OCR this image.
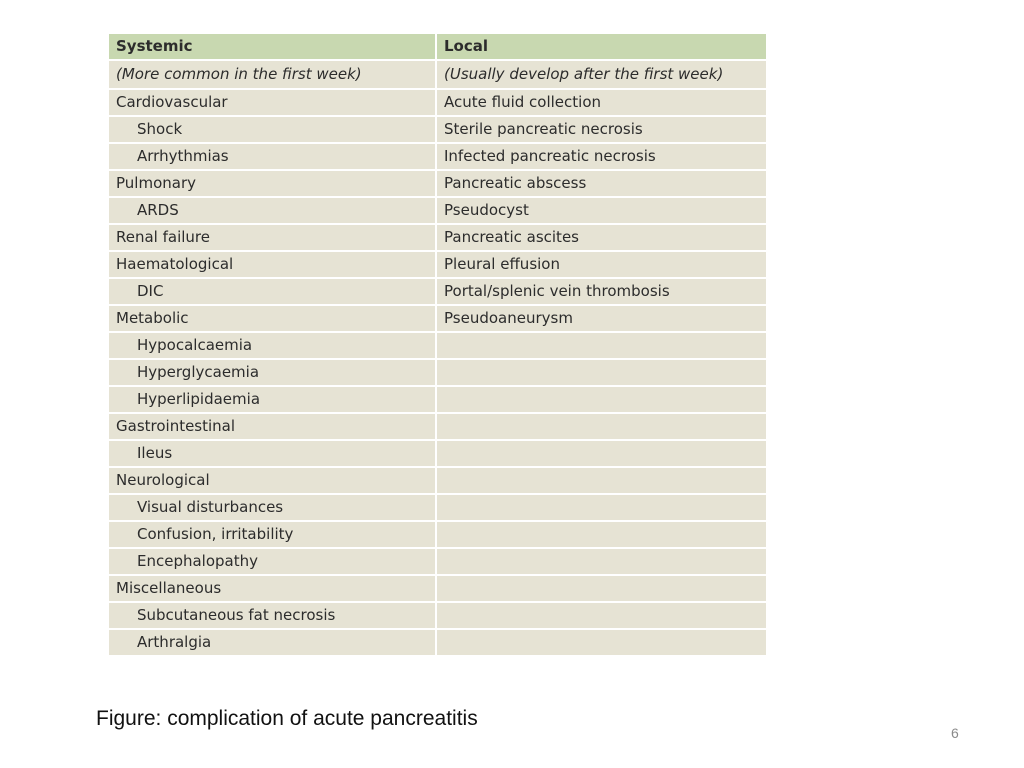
Systemic	Local
(More common in the first week)	(Usually develop after the first week)
Cardiovascular	Acute fluid collection
Shock	Sterile pancreatic necrosis
Arrhythmias	Infected pancreatic necrosis
Pulmonary	Pancreatic abscess
ARDS	Pseudocyst
Renal failure	Pancreatic ascites
Haematological	Pleural effusion
DIC	Portal/splenic vein thrombosis
Metabolic	Pseudoaneurysm
Hypocalcaemia	
Hyperglycaemia	
Hyperlipidaemia	
Gastrointestinal	
Ileus	
Neurological	
Visual disturbances	
Confusion, irritability	
Encephalopathy	
Miscellaneous	
Subcutaneous fat necrosis	
Arthralgia	
Figure: complication of acute pancreatitis
6
